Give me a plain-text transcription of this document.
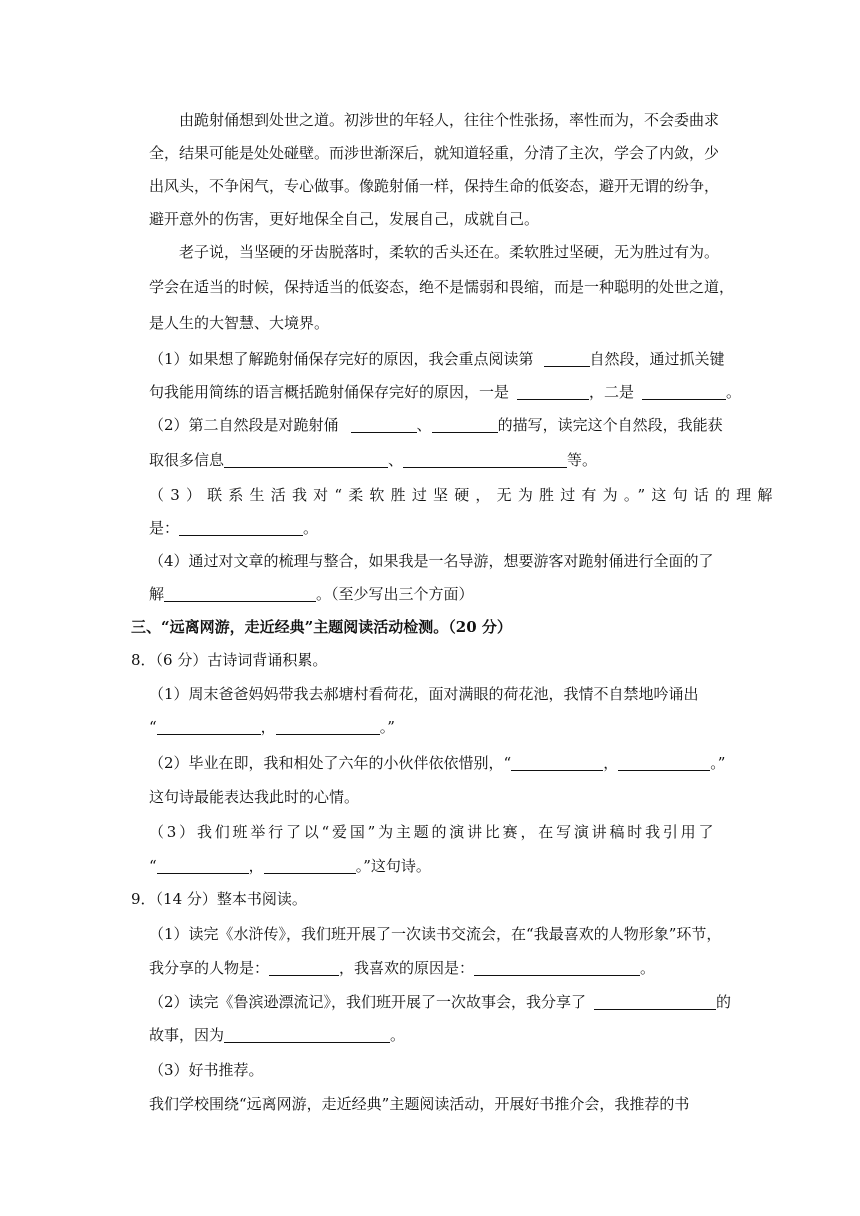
由跪射俑想到处世之道。初涉世的年轻人，往往个性张扬，率性而为，不会委曲求
全，结果可能是处处碰壁。而涉世渐深后，就知道轻重，分清了主次，学会了内敛，少
出风头，不争闲气，专心做事。像跪射俑一样，保持生命的低姿态，避开无谓的纷争，
避开意外的伤害，更好地保全自己，发展自己，成就自己。
老子说，当坚硬的牙齿脱落时，柔软的舌头还在。柔软胜过坚硬，无为胜过有为。
学会在适当的时候，保持适当的低姿态，绝不是懦弱和畏缩，而是一种聪明的处世之道，
是人生的大智慧、大境界。
（1）如果想了解跪射俑保存完好的原因，我会重点阅读第	自然段，通过抓关键
句我能用简练的语言概括跪射俑保存完好的原因，一是	，二是	。
（2）第二自然段是对跪射俑	、	的描写，读完这个自然段，我能获
取很多信息	、	等。
（3）联系生活我对“柔软胜过坚硬，无为胜过有为。”这句话的理解
是：	。
（4）通过对文章的梳理与整合，如果我是一名导游，想要游客对跪射俑进行全面的了
解	。（至少写出三个方面）
三、“远离网游，走近经典”主题阅读活动检测。（20 分）
8．（6 分）古诗词背诵积累。
（1）周末爸爸妈妈带我去郝塘村看荷花，面对满眼的荷花池，我情不自禁地吟诵出
“	，	。”
（2）毕业在即，我和相处了六年的小伙伴依依惜别，“	，	。”
这句诗最能表达我此时的心情。
（3）我们班举行了以“爱国”为主题的演讲比赛，在写演讲稿时我引用了
“	，	。”这句诗。
9．（14 分）整本书阅读。
（1）读完《水浒传》，我们班开展了一次读书交流会，在“我最喜欢的人物形象”环节，
我分享的人物是：	，我喜欢的原因是：	。
（2）读完《鲁滨逊漂流记》，我们班开展了一次故事会，我分享了	的
故事，因为	。
（3）好书推荐。
我们学校围绕“远离网游，走近经典”主题阅读活动，开展好书推介会，我推荐的书
